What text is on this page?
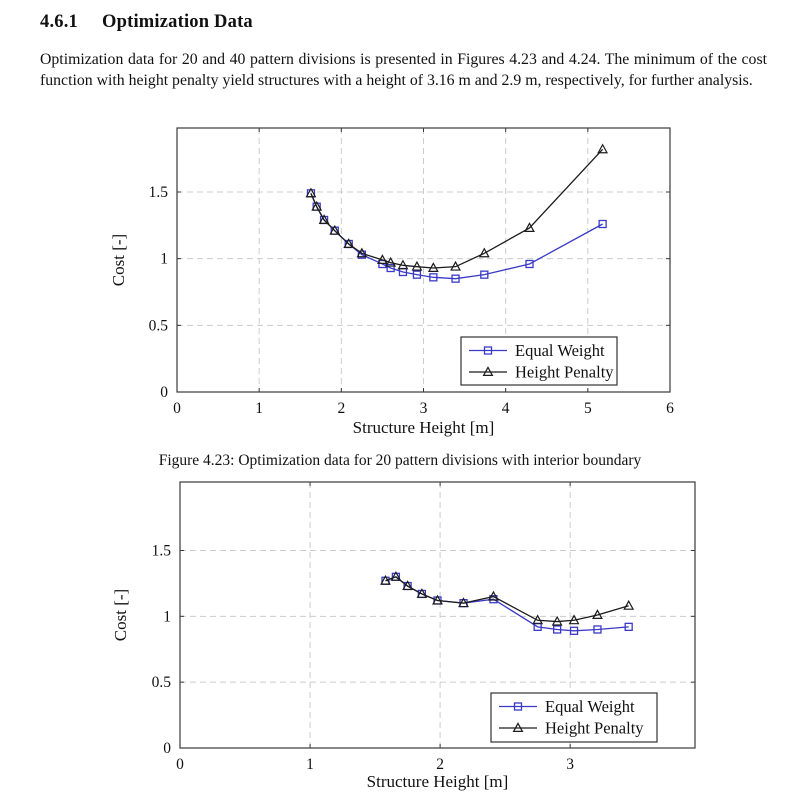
4.6.1 Optimization Data
Optimization data for 20 and 40 pattern divisions is presented in Figures 4.23 and 4.24. The minimum of the cost function with height penalty yield structures with a height of 3.16 m and 2.9 m, respectively, for further analysis.
0	1	2	3	4	5	6
0
0.5
1
1.5
Structure Height [m]
Cost [-]
Equal Weight
Height Penalty
Figure 4.23: Optimization data for 20 pattern divisions with interior boundary
0	1	2	3
0
0.5
1
1.5
Structure Height [m]
Cost [-]
Equal Weight
Height Penalty
